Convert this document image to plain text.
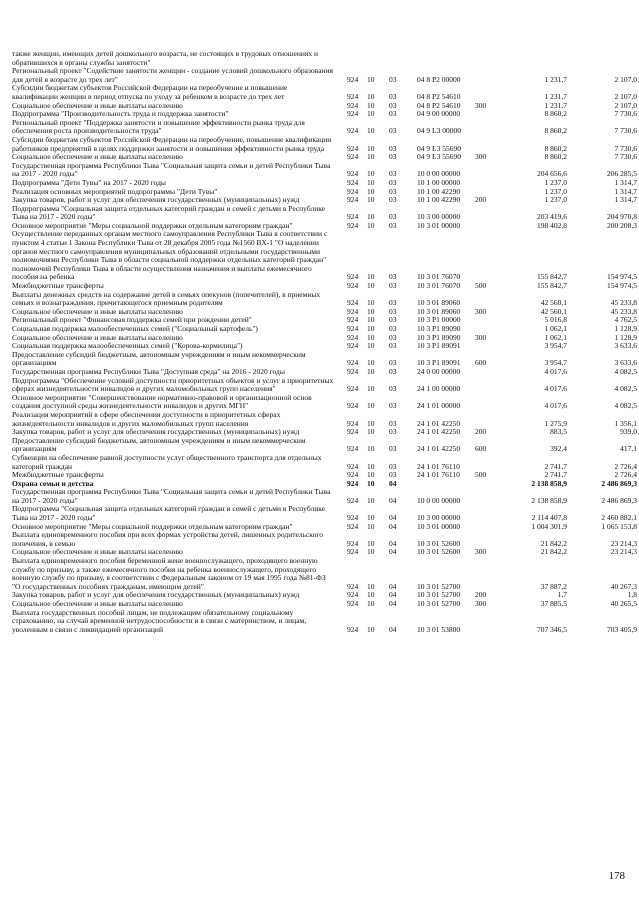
также женщин, имеющих детей дошкольного возраста, не состоящих в трудовых отношениях и обратившихся в органы службы занятости"							
Региональный проект "Содействие занятости женщин - создание условий дошкольного образования для детей в возрасте до трех лет"	924	10	03	04 8 P2 00000		1 231,7	2 107,0
Субсидии бюджетам субъектов Российской Федерации на переобучение и повышение квалификации женщин в период отпуска по уходу за ребенком в возрасте до трех лет	924	10	03	04 8 P2 54610		1 231,7	2 107,0
Социальное обеспечение и иные выплаты населению	924	10	03	04 8 P2 54610	300	1 231,7	2 107,0
Подпрограмма "Производительность труда и поддержка занятости"	924	10	03	04 9 00 00000		8 860,2	7 730,6
Региональный проект "Поддержка занятости и повышение эффективности рынка труда для обеспечения роста производительности труда"	924	10	03	04 9 L3 00000		8 860,2	7 730,6
Субсидии бюджетам субъектов Российской Федерации на переобучение, повышение квалификации работников предприятий в целях поддержки занятости и повышения эффективности рынка труда	924	10	03	04 9 L3 55690		8 860,2	7 730,6
Социальное обеспечение и иные выплаты населению	924	10	03	04 9 L3 55690	300	8 860,2	7 730,6
Государственная программа Республики Тыва "Социальная защита семьи и детей Республики Тыва на 2017 - 2020 годы"	924	10	03	10 0 00 00000		204 656,6	206 285,5
Подпрограмма "Дети Тувы" на 2017 - 2020 годы	924	10	03	10 1 00 00000		1 237,0	1 314,7
Реализация основных мероприятий подпрограммы "Дети Тувы"	924	10	03	10 1 00 42290		1 237,0	1 314,7
Закупка товаров, работ и услуг для обеспечения государственных (муниципальных) нужд	924	10	03	10 1 00 42290	200	1 237,0	1 314,7
Подпрограмма "Социальная защита отдельных категорий граждан и семей с детьми в Республике Тыва на 2017 - 2020 годы"	924	10	03	10 3 00 00000		203 419,6	204 970,8
Основное мероприятие "Меры социальной поддержки отдельным категориям граждан"	924	10	03	10 3 01 00000		198 402,8	200 208,3
Осуществление переданных органам местного самоуправления Республики Тыва в соответствии с пунктом 4 статьи 1 Закона Республики Тыва от 28 декабря 2005 года №1560 ВХ-1 "О наделении органов местного самоуправления муниципальных образований отдельными государственными полномочиями Республики Тыва в области социальной поддержки отдельных категорий граждан" полномочий Республики Тыва в области осуществления назначения и выплаты ежемесячного пособия на ребенка	924	10	03	10 3 01 76070		155 842,7	154 974,5
Межбюджетные трансферты	924	10	03	10 3 01 76070	500	155 842,7	154 974,5
Выплаты денежных средств на содержание детей в семьях опекунов (попечителей), в приемных семьях и вознаграждения, причитающегося приемным родителям	924	10	03	10 3 01 89060		42 560,1	45 233,8
Социальное обеспечение и иные выплаты населению	924	10	03	10 3 01 89060	300	42 560,1	45 233,8
Региональный проект "Финансовая поддержка семей при рождении детей"	924	10	03	10 3 P1 00000		5 016,8	4 762,5
Социальная поддержка малообеспеченных семей ("Социальный картофель")	924	10	03	10 3 P1 89090		1 062,1	1 128,9
Социальное обеспечение и иные выплаты населению	924	10	03	10 3 P1 89090	300	1 062,1	1 128,9
Социальная поддержка малообеспеченных семей ("Корова-кормилица")	924	10	03	10 3 P1 89091		3 954,7	3 633,6
Предоставление субсидий бюджетным, автономным учреждениям и иным некоммерческим организациям	924	10	03	10 3 P1 89091	600	3 954,7	3 633,6
Государственная программа Республики Тыва "Доступная среда" на 2016 - 2020 годы	924	10	03	24 0 00 00000		4 017,6	4 082,5
Подпрограмма "Обеспечение условий доступности приоритетных объектов и услуг в приоритетных сферах жизнедеятельности инвалидов и других маломобильных групп населения"	924	10	03	24 1 00 00000		4 017,6	4 082,5
Основное мероприятие "Совершенствование нормативно-правовой и организационной основ создания доступной среды жизнедеятельности инвалидов и других МГН"	924	10	03	24 1 01 00000		4 017,6	4 082,5
Реализация мероприятий в сфере обеспечения доступности в приоритетных сферах жизнедеятельности инвалидов и других маломобильных групп населения	924	10	03	24 1 01 42250		1 275,9	1 356,1
Закупка товаров, работ и услуг для обеспечения государственных (муниципальных) нужд	924	10	03	24 1 01 42250	200	883,5	939,0
Предоставление субсидий бюджетным, автономным учреждениям и иным некоммерческим организациям	924	10	03	24 1 01 42250	600	392,4	417,1
Субвенции на обеспечение равной доступности услуг общественного транспорта для отдельных категорий граждан	924	10	03	24 1 01 76110		2 741,7	2 726,4
Межбюджетные трансферты	924	10	03	24 1 01 76110	500	2 741,7	2 726,4
Охрана семьи и детства	924	10	04			2 138 858,9	2 486 869,3
Государственная программа Республики Тыва "Социальная защита семьи и детей Республики Тыва на 2017 - 2020 годы"	924	10	04	10 0 00 00000		2 138 858,9	2 486 869,3
Подпрограмма "Социальная защита отдельных категорий граждан и семей с детьми в Республике Тыва на 2017 - 2020 годы"	924	10	04	10 3 00 00000		2 114 407,8	2 460 882,1
Основное мероприятие "Меры социальной поддержки отдельным категориям граждан"	924	10	04	10 3 01 00000		1 004 301,9	1 065 153,8
Выплата единовременного пособия при всех формах устройства детей, лишенных родительского попечения, в семью	924	10	04	10 3 01 52600		21 842,2	23 214,3
Социальное обеспечение и иные выплаты населению	924	10	04	10 3 01 52600	300	21 842,2	23 214,3
Выплата единовременного пособия беременной жене военнослужащего, проходящего военную службу по призыву, а также ежемесячного пособия на ребенка военнослужащего, проходящего военную службу по призыву, в соответствии с Федеральным законом от 19 мая 1995 года №81-ФЗ "О государственных пособиях гражданам, имеющим детей"	924	10	04	10 3 01 52700		37 887,2	40 267,3
Закупка товаров, работ и услуг для обеспечения государственных (муниципальных) нужд	924	10	04	10 3 01 52700	200	1,7	1,8
Социальное обеспечение и иные выплаты населению	924	10	04	10 3 01 52700	300	37 885,5	40 265,5
Выплата государственных пособий лицам, не подлежащим обязательному социальному страхованию, на случай временной нетрудоспособности и в связи с материнством, и лицам, уволенным в связи с ликвидацией организаций	924	10	04	10 3 01 53800		707 346,5	703 405,9
178
